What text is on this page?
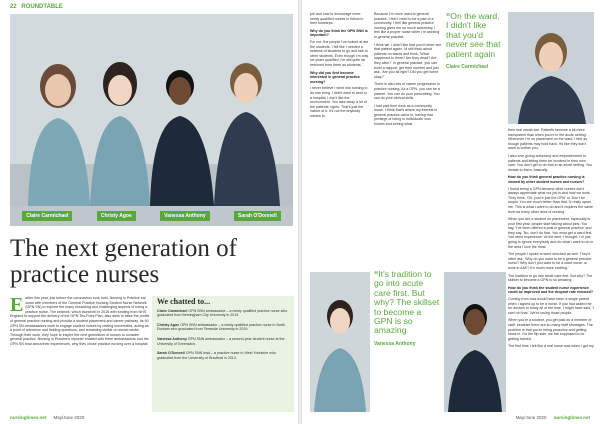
22 ROUNDTABLE
Claire Carmichael	Christy Agoe	Vanessa Anthony	Sarah O'Donnell
The next generation of practice nurses
Earlier this year, just before the coronavirus took hold, Nursing in Practice sat down with members of the General Practice Nursing Student Nurse Network (GPN SN) to explore the many rewarding and challenging aspects of being a practice nurse. The network, which launched in 2018 with funding from NHS England to support the delivery of the GPN Ten-Point Plan, also aims to raise the profile of general practice nursing and provide a student placement and career pathway. Its 90 GPN SN ambassadors work to engage student nurses by visiting universities, acting as a point of reference and fielding questions, and remaining visible on social media. Through their work, they hope to inspire the next generation of nurses to consider general practice. Nursing in Practice's reporter chatted with three ambassadors and the GPN SN lead about their experiences, why they chose practice nursing over a hospital
We chatted to...
Claire Carmichael GPN SNN ambassador – a newly qualified practice nurse who graduated from Birmingham City University in 2019.
Christy Agoe GPN SNN ambassador – a newly qualified practice nurse in North Durham who graduated from Teesside University in 2019.
Vanessa Anthony GPN SNN ambassador – a second-year student nurse at the University of Greenwich.
Sarah O'Donnell GPN SNN lead – a practice nurse in West Yorkshire who graduated from the University of Bradford in 2014.
nursingtimes.net May/June 2020
job and how to encourage more newly qualified nurses to follow in their footsteps.
Why do you think the GPN SNN is important?
For me, the people I've looked at are the students. I felt like I needed a network of students to go and talk to other students. Even though I'm only six years qualified, I'm still quite far removed from them as students.
Why did you first become interested in general practice nursing?
I never believe I went into nursing to do one thing. I didn't want to work in a hospital, I don't like the environment. You take away a lot of the patients' rights. That's just the nature of it. It's not the anybody means to.
Because I'm more used to general practice, I feel I need to be a part of a community. I feel like general practice nursing gives me so much autonomy. I feel like a proper nurse when I'm working in general practice.
I think we, I didn't like that you'd never see that patient again. I'd still think about patients on wards and think, 'What happened to them? Are they dead? Are they alive?' In general practice, you can build a rapport, get their number and just ask, 'Are you all right? Did you get home okay?'
There is also lots of career progression in practice nursing. As a GPN, you can be a partner. You can do your prescribing. You can do your clinical skills.
I had part-time work as a community nurse. I think that's where my interest in general practice came in, having that privilege of being in individuals' own homes and seeing what
“On the ward, I didn't like that you'd never see that patient again
Claire Carmichael
their real needs are. Patients become a bit more transparent than when you're in the acute setting. Whenever I'm on placement on the ward, I feel as though patients may hold back. It's like they don't want to bother you.
I also love giving autonomy and empowerment to patients and letting them be involved in their own care. You don't get to do that in an acute setting. You dictate to them, basically.
How do you think general practice nursing is viewed by other student nurses and nurses?
I found being a GPN became other nurses don't always appreciate what our job is and how we work. They think, 'Oh, you're just the GPN' or 'Don't be stupid. You are much better than that.' It really upset me. This is what I want to do and it requires the same level as every other area of nursing.
When you are a student on placement, especially in your first year, people start talking about jobs. You say, 'I've been offered a post in general practice' and they say, 'No, don't do that. You must get a ward first. You need experience.' At the time, I thought, I'm just going to ignore everybody and do what I want to do in the area I love the most.
The people I spoke to were shocked as well. They'd often ask, 'Why do you want to be a general practice nurse? Why don't you want to be a ward nurse, or work in A&E? It's much more exciting.'
The tradition to go into acute care first. But why? The skillset to become a GPN is so amazing.
How do you think the student nurse experience could be improved and the dropout rate reduced?
Coming from how would have been a single parent when I signed up to be a nurse. If you had asked me for doctors to study all of the time, I might have said, 'I can't do that.' We're losing those people.
When you're a student, you get paid as a member of staff, because there are so many staff shortages. The problem is that you're being proactive and getting stuck in. On the flip side, we are supposed to be getting trained.
The first time I felt like a real nurse was when I got my
“It's tradition to go into acute care first. But why? The skillset to become a GPN is so amazing
Vanessa Anthony
May/June 2020 nursingtimes.net
